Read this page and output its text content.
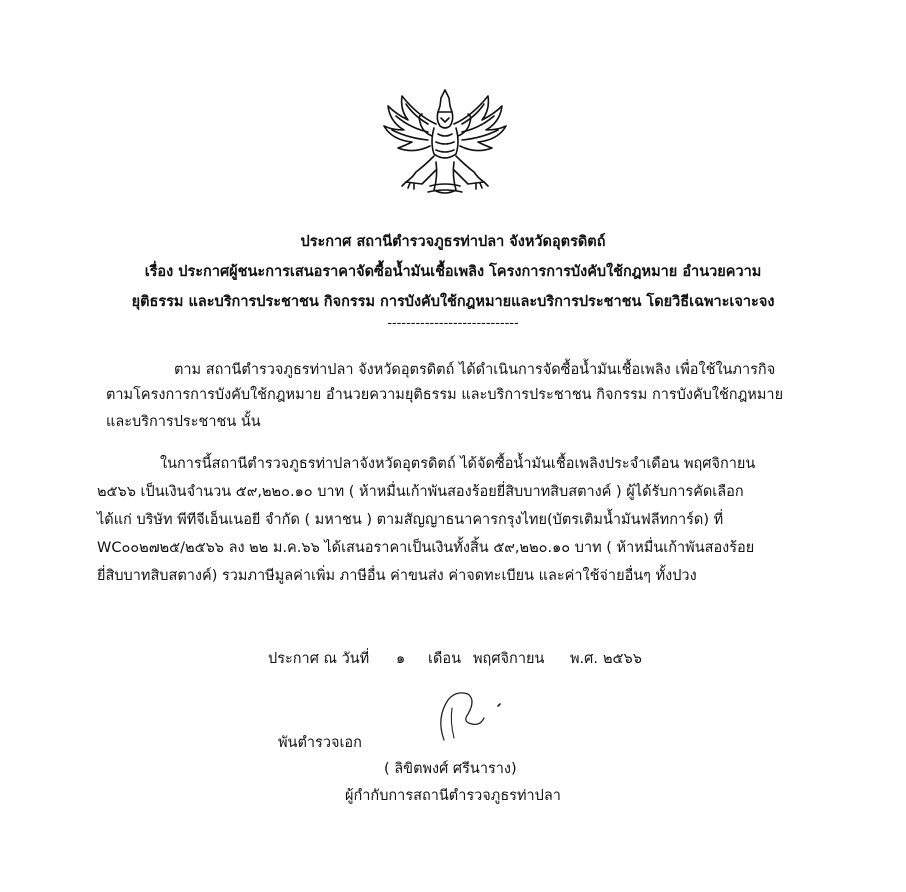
ประกาศ สถานีตำรวจภูธรท่าปลา จังหวัดอุตรดิตถ์
เรื่อง ประกาศผู้ชนะการเสนอราคาจัดซื้อน้ำมันเชื้อเพลิง โครงการการบังคับใช้กฎหมาย อำนวยความ
ยุติธรรม และบริการประชาชน กิจกรรม การบังคับใช้กฎหมายและบริการประชาชน โดยวิธีเฉพาะเจาะจง
----------------------------
ตาม สถานีตำรวจภูธรท่าปลา จังหวัดอุตรดิตถ์ ได้ดำเนินการจัดซื้อน้ำมันเชื้อเพลิง เพื่อใช้ในภารกิจ
ตามโครงการการบังคับใช้กฎหมาย อำนวยความยุติธรรม และบริการประชาชน กิจกรรม การบังคับใช้กฎหมาย
และบริการประชาชน นั้น
ในการนี้สถานีตำรวจภูธรท่าปลาจังหวัดอุตรดิตถ์ ได้จัดซื้อน้ำมันเชื้อเพลิงประจำเดือน พฤศจิกายน
๒๕๖๖ เป็นเงินจำนวน ๕๙,๒๒๐.๑๐ บาท ( ห้าหมื่นเก้าพันสองร้อยยี่สิบบาทสิบสตางค์ ) ผู้ได้รับการคัดเลือก
ได้แก่ บริษัท พีทีจีเอ็นเนอยี จำกัด ( มหาชน ) ตามสัญญาธนาคารกรุงไทย(บัตรเติมน้ำมันฟลีทการ์ด) ที่
WC๐๐๒๗๒๕/๒๕๖๖ ลง ๒๒ ม.ค.๖๖ ได้เสนอราคาเป็นเงินทั้งสิ้น ๕๙,๒๒๐.๑๐ บาท ( ห้าหมื่นเก้าพันสองร้อย
ยี่สิบบาทสิบสตางค์) รวมภาษีมูลค่าเพิ่ม ภาษีอื่น ค่าขนส่ง ค่าจดทะเบียน และค่าใช้จ่ายอื่นๆ ทั้งปวง
ประกาศ ณ วันที่ ๑ เดือน พฤศจิกายน พ.ศ. ๒๕๖๖
พันตำรวจเอก
( ลิขิตพงศ์ ศรีนาราง)
ผู้กำกับการสถานีตำรวจภูธรท่าปลา
